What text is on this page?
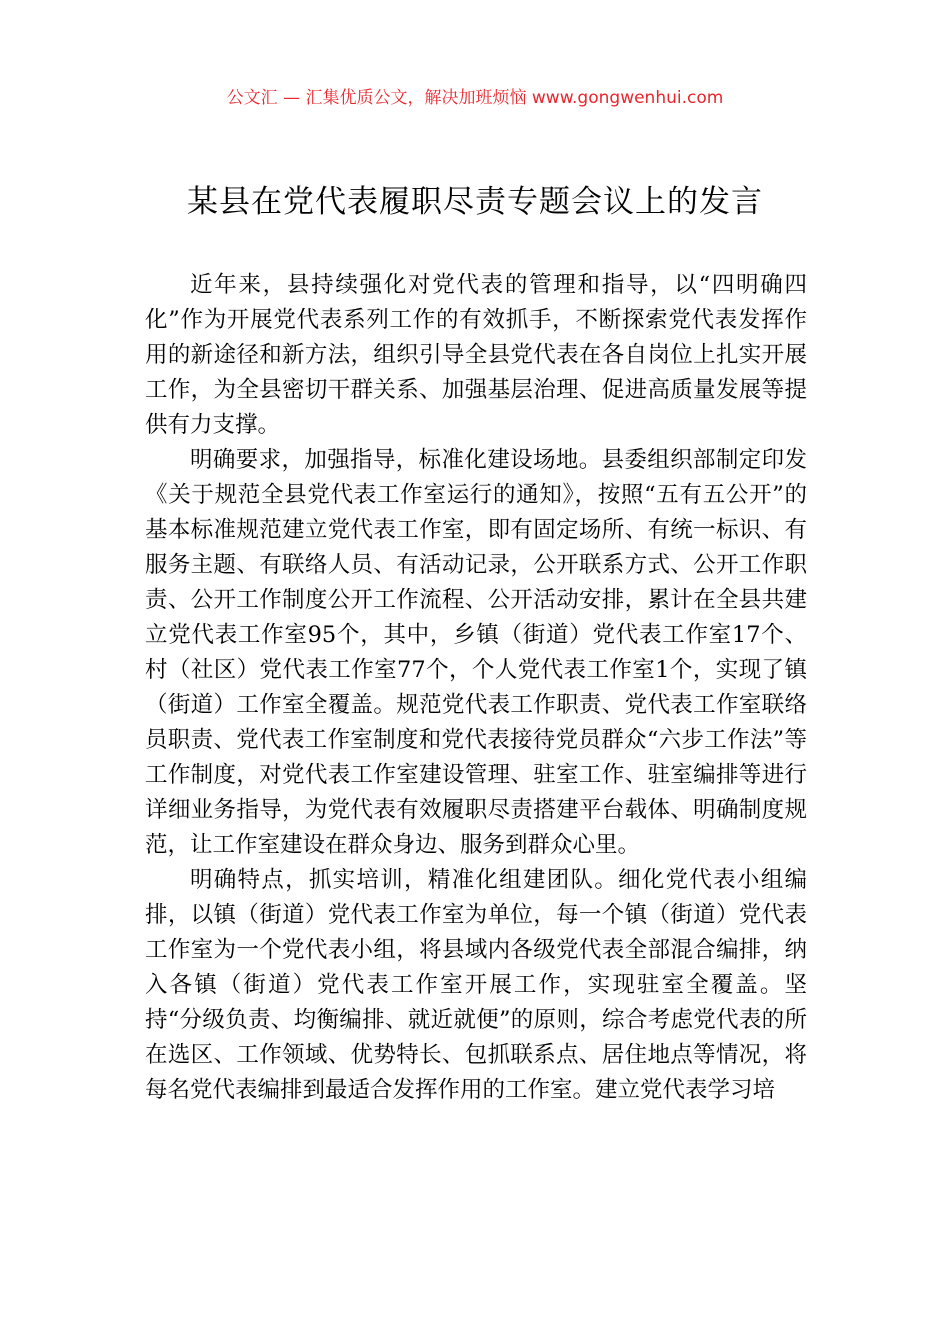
公文汇 — 汇集优质公文，解决加班烦恼 www.gongwenhui.com
某县在党代表履职尽责专题会议上的发言

近年来，县持续强化对党代表的管理和指导，以“四明确四化”作为开展党代表系列工作的有效抓手，不断探索党代表发挥作用的新途径和新方法，组织引导全县党代表在各自岗位上扎实开展工作，为全县密切干群关系、加强基层治理、促进高质量发展等提供有力支撑。

明确要求，加强指导，标准化建设场地。县委组织部制定印发《关于规范全县党代表工作室运行的通知》，按照“五有五公开”的基本标准规范建立党代表工作室，即有固定场所、有统一标识、有服务主题、有联络人员、有活动记录，公开联系方式、公开工作职责、公开工作制度公开工作流程、公开活动安排，累计在全县共建立党代表工作室95个，其中，乡镇（街道）党代表工作室17个、村（社区）党代表工作室77个，个人党代表工作室1个，实现了镇（街道）工作室全覆盖。规范党代表工作职责、党代表工作室联络员职责、党代表工作室制度和党代表接待党员群众“六步工作法”等工作制度，对党代表工作室建设管理、驻室工作、驻室编排等进行详细业务指导，为党代表有效履职尽责搭建平台载体、明确制度规范，让工作室建设在群众身边、服务到群众心里。

明确特点，抓实培训，精准化组建团队。细化党代表小组编排，以镇（街道）党代表工作室为单位，每一个镇（街道）党代表工作室为一个党代表小组，将县域内各级党代表全部混合编排，纳入各镇（街道）党代表工作室开展工作，实现驻室全覆盖。坚持“分级负责、均衡编排、就近就便”的原则，综合考虑党代表的所在选区、工作领域、优势特长、包抓联系点、居住地点等情况，将每名党代表编排到最适合发挥作用的工作室。建立党代表学习培
